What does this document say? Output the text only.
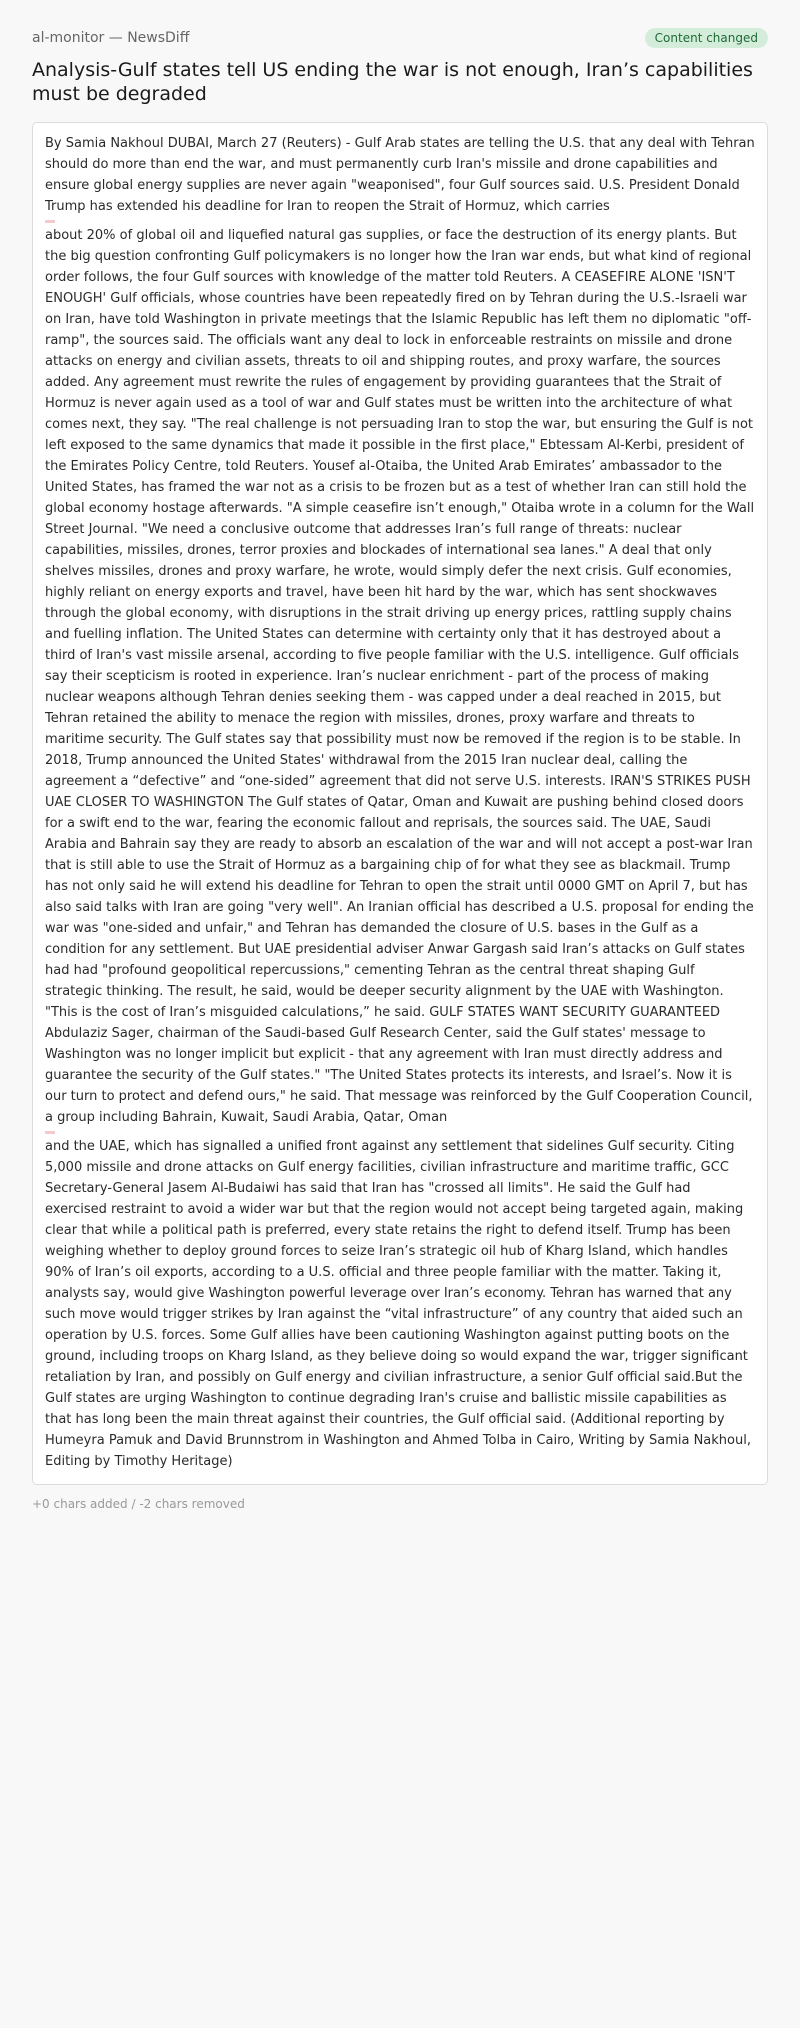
al-monitor — NewsDiff	Content changed
Analysis-Gulf states tell US ending the war is not enough, Iran’s capabilities must be degraded
By Samia Nakhoul DUBAI, March 27 (Reuters) - Gulf Arab states are telling the U.S. that any deal with Tehran should do more than end the war, and must permanently curb Iran's missile and drone capabilities and ensure global energy supplies are never again "weaponised", four Gulf sources said. U.S. President Donald Trump has extended his deadline for Iran to reopen the Strait of Hormuz, which carries
about 20% of global oil and liquefied natural gas supplies, or face the destruction of its energy plants. But the big question confronting Gulf policymakers is no longer how the Iran war ends, but what kind of regional order follows, the four Gulf sources with knowledge of the matter told Reuters. A CEASEFIRE ALONE 'ISN'T ENOUGH' Gulf officials, whose countries have been repeatedly fired on by Tehran during the U.S.-Israeli war on Iran, have told Washington in private meetings that the Islamic Republic has left them no diplomatic "off-ramp", the sources said. The officials want any deal to lock in enforceable restraints on missile and drone attacks on energy and civilian assets, threats to oil and shipping routes, and proxy warfare, the sources added. Any agreement must rewrite the rules of engagement by providing guarantees that the Strait of Hormuz is never again used as a tool of war and Gulf states must be written into the architecture of what comes next, they say. "The real challenge is not persuading Iran to stop the war, but ensuring the Gulf is not left exposed to the same dynamics that made it possible in the first place," Ebtessam Al-Kerbi, president of the Emirates Policy Centre, told Reuters. Yousef al-Otaiba, the United Arab Emirates’ ambassador to the United States, has framed the war not as a crisis to be frozen but as a test of whether Iran can still hold the global economy hostage afterwards. "A simple ceasefire isn’t enough," Otaiba wrote in a column for the Wall Street Journal. "We need a conclusive outcome that addresses Iran’s full range of threats: nuclear capabilities, missiles, drones, terror proxies and blockades of international sea lanes." A deal that only shelves missiles, drones and proxy warfare, he wrote, would simply defer the next crisis. Gulf economies, highly reliant on energy exports and travel, have been hit hard by the war, which has sent shockwaves through the global economy, with disruptions in the strait driving up energy prices, rattling supply chains and fuelling inflation. The United States can determine with certainty only that it has destroyed about a third of Iran's vast missile arsenal, according to five people familiar with the U.S. intelligence. Gulf officials say their scepticism is rooted in experience. Iran’s nuclear enrichment - part of the process of making nuclear weapons although Tehran denies seeking them - was capped under a deal reached in 2015, but Tehran retained the ability to menace the region with missiles, drones, proxy warfare and threats to maritime security. The Gulf states say that possibility must now be removed if the region is to be stable. In 2018, Trump announced the United States' withdrawal from the 2015 Iran nuclear deal, calling the agreement a “defective” and “one-sided” agreement that did not serve U.S. interests. IRAN'S STRIKES PUSH UAE CLOSER TO WASHINGTON The Gulf states of Qatar, Oman and Kuwait are pushing behind closed doors for a swift end to the war, fearing the economic fallout and reprisals, the sources said. The UAE, Saudi Arabia and Bahrain say they are ready to absorb an escalation of the war and will not accept a post-war Iran that is still able to use the Strait of Hormuz as a bargaining chip of for what they see as blackmail. Trump has not only said he will extend his deadline for Tehran to open the strait until 0000 GMT on April 7, but has also said talks with Iran are going "very well". An Iranian official has described a U.S. proposal for ending the war was "one-sided and unfair," and Tehran has demanded the closure of U.S. bases in the Gulf as a condition for any settlement. But UAE presidential adviser Anwar Gargash said Iran’s attacks on Gulf states had had "profound geopolitical repercussions," cementing Tehran as the central threat shaping Gulf strategic thinking. The result, he said, would be deeper security alignment by the UAE with Washington. "This is the cost of Iran’s misguided calculations,” he said. GULF STATES WANT SECURITY GUARANTEED Abdulaziz Sager, chairman of the Saudi-based Gulf Research Center, said the Gulf states' message to Washington was no longer implicit but explicit - that any agreement with Iran must directly address and guarantee the security of the Gulf states." "The United States protects its interests, and Israel’s. Now it is our turn to protect and defend ours," he said. That message was reinforced by the Gulf Cooperation Council, a group including Bahrain, Kuwait, Saudi Arabia, Qatar, Oman
and the UAE, which has signalled a unified front against any settlement that sidelines Gulf security. Citing 5,000 missile and drone attacks on Gulf energy facilities, civilian infrastructure and maritime traffic, GCC Secretary-General Jasem Al-Budaiwi has said that Iran has "crossed all limits". He said the Gulf had exercised restraint to avoid a wider war but that the region would not accept being targeted again, making clear that while a political path is preferred, every state retains the right to defend itself. Trump has been weighing whether to deploy ground forces to seize Iran’s strategic oil hub of Kharg Island, which handles 90% of Iran’s oil exports, according to a U.S. official and three people familiar with the matter. Taking it, analysts say, would give Washington powerful leverage over Iran’s economy. Tehran has warned that any such move would trigger strikes by Iran against the “vital infrastructure” of any country that aided such an operation by U.S. forces. Some Gulf allies have been cautioning Washington against putting boots on the ground, including troops on Kharg Island, as they believe doing so would expand the war, trigger significant retaliation by Iran, and possibly on Gulf energy and civilian infrastructure, a senior Gulf official said.But the Gulf states are urging Washington to continue degrading Iran's cruise and ballistic missile capabilities as that has long been the main threat against their countries, the Gulf official said. (Additional reporting by Humeyra Pamuk and David Brunnstrom in Washington and Ahmed Tolba in Cairo, Writing by Samia Nakhoul, Editing by Timothy Heritage)
+0 chars added / -2 chars removed
